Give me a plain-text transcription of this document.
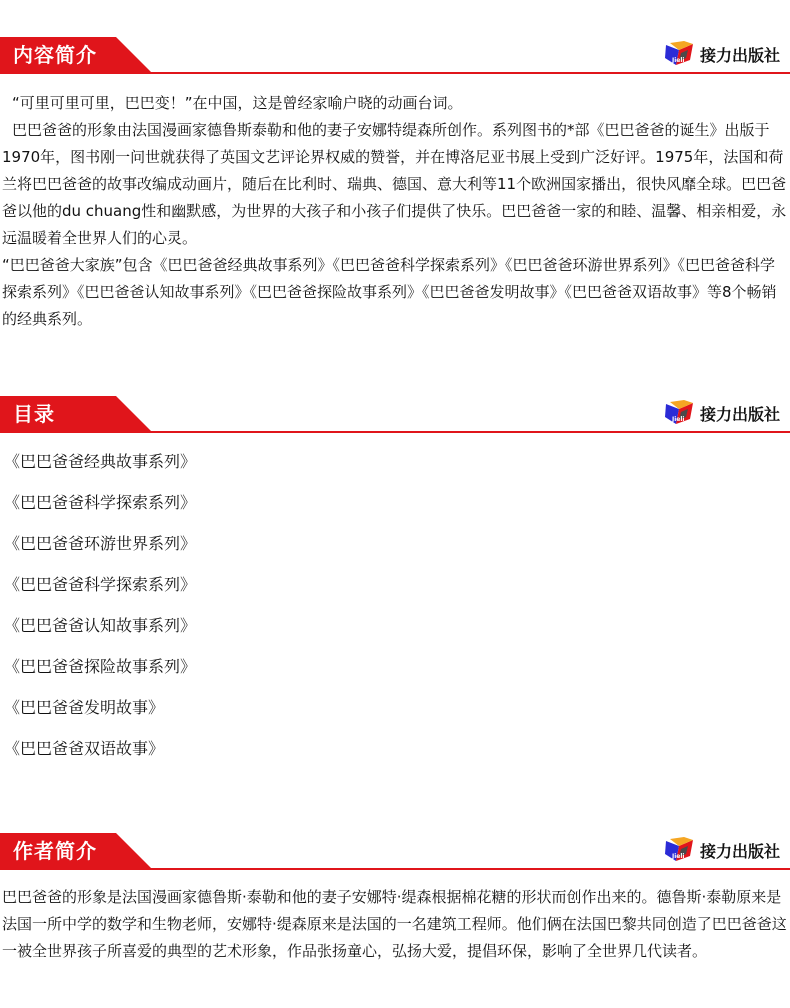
内容简介	Jieli 接力出版社

“可里可里可里，巴巴变！”在中国，这是曾经家喻户晓的动画台词。

巴巴爸爸的形象由法国漫画家德鲁斯泰勒和他的妻子安娜特缇森所创作。系列图书的*部《巴巴爸爸的诞生》出版于1970年，图书刚一问世就获得了英国文艺评论界权威的赞誉，并在博洛尼亚书展上受到广泛好评。1975年，法国和荷兰将巴巴爸爸的故事改编成动画片，随后在比利时、瑞典、德国、意大利等11个欧洲国家播出，很快风靡全球。巴巴爸爸以他的du chuang性和幽默感，为世界的大孩子和小孩子们提供了快乐。巴巴爸爸一家的和睦、温馨、相亲相爱，永远温暖着全世界人们的心灵。

“巴巴爸爸大家族”包含《巴巴爸爸经典故事系列》《巴巴爸爸科学探索系列》《巴巴爸爸环游世界系列》《巴巴爸爸科学探索系列》《巴巴爸爸认知故事系列》《巴巴爸爸探险故事系列》《巴巴爸爸发明故事》《巴巴爸爸双语故事》等8个畅销的经典系列。

目录	Jieli 接力出版社
《巴巴爸爸经典故事系列》
《巴巴爸爸科学探索系列》
《巴巴爸爸环游世界系列》
《巴巴爸爸科学探索系列》
《巴巴爸爸认知故事系列》
《巴巴爸爸探险故事系列》
《巴巴爸爸发明故事》
《巴巴爸爸双语故事》
作者简介	Jieli 接力出版社

巴巴爸爸的形象是法国漫画家德鲁斯·泰勒和他的妻子安娜特·缇森根据棉花糖的形状而创作出来的。德鲁斯·泰勒原来是法国一所中学的数学和生物老师，安娜特·缇森原来是法国的一名建筑工程师。他们俩在法国巴黎共同创造了巴巴爸爸这一被全世界孩子所喜爱的典型的艺术形象，作品张扬童心，弘扬大爱，提倡环保，影响了全世界几代读者。
